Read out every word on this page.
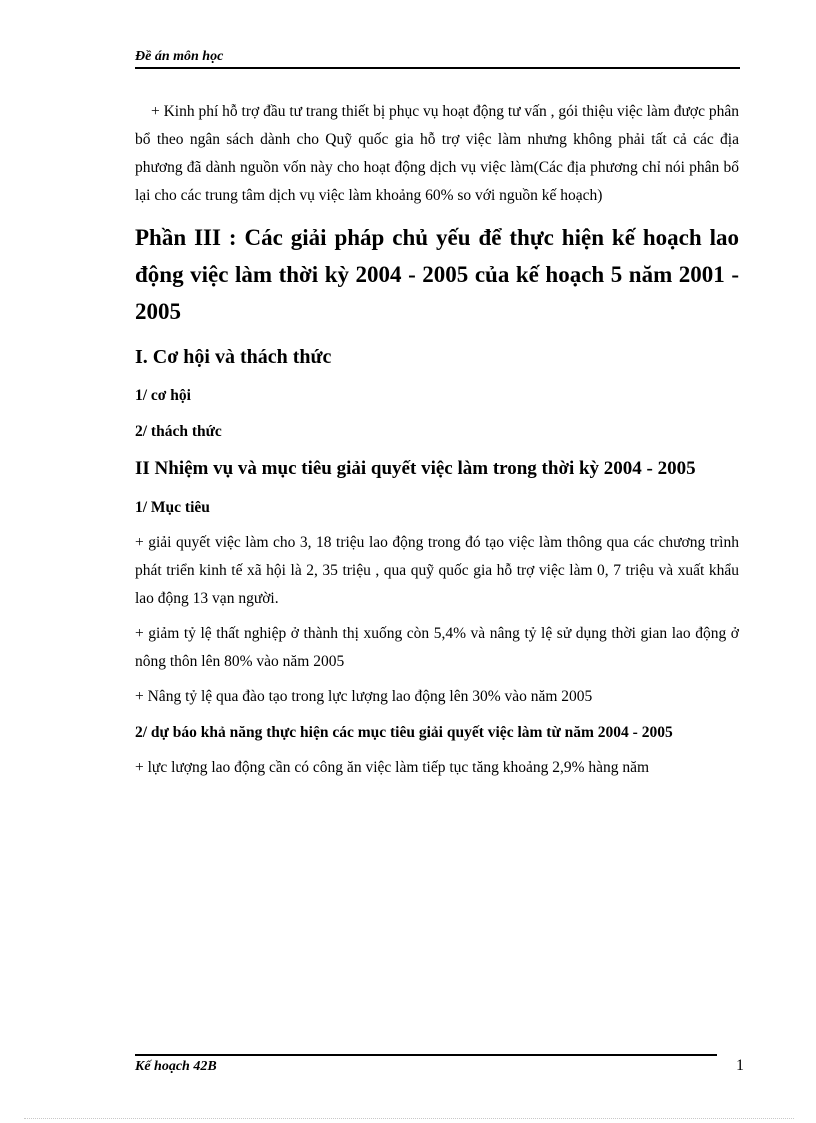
Đề án môn học

+ Kinh phí hỗ trợ đầu tư trang thiết bị phục vụ hoạt động tư vấn , gói thiệu việc làm được phân bổ theo ngân sách dành cho Quỹ quốc gia hỗ trợ việc làm nhưng không phải tất cả các địa phương đã dành nguồn vốn này cho hoạt động dịch vụ việc làm(Các địa phương chỉ nói phân bổ lại cho các trung tâm dịch vụ việc làm khoảng 60% so với nguồn kế hoạch)

Phần III : Các giải pháp chủ yếu để thực hiện kế hoạch lao động việc làm thời kỳ 2004 - 2005 của kế hoạch 5 năm 2001 - 2005
I. Cơ hội và thách thức
1/ cơ hội
2/ thách thức
II Nhiệm vụ và mục tiêu giải quyết việc làm trong thời kỳ 2004 - 2005
1/ Mục tiêu

+ giải quyết việc làm cho 3, 18 triệu lao động trong đó tạo việc làm thông qua các chương trình phát triển kinh tế xã hội là 2, 35 triệu , qua quỹ quốc gia hỗ trợ việc làm 0, 7 triệu và xuất khẩu lao động 13 vạn người.

+ giảm tỷ lệ thất nghiệp ở thành thị xuống còn 5,4% và nâng tỷ lệ sử dụng thời gian lao động ở nông thôn lên 80% vào năm 2005

+ Nâng tỷ lệ qua đào tạo trong lực lượng lao động lên 30% vào năm 2005

2/ dự báo khả năng thực hiện các mục tiêu giải quyết việc làm từ năm 2004 - 2005

+ lực lượng lao động cần có công ăn việc làm tiếp tục tăng khoảng 2,9% hàng năm

Kế hoạch 42B	1
